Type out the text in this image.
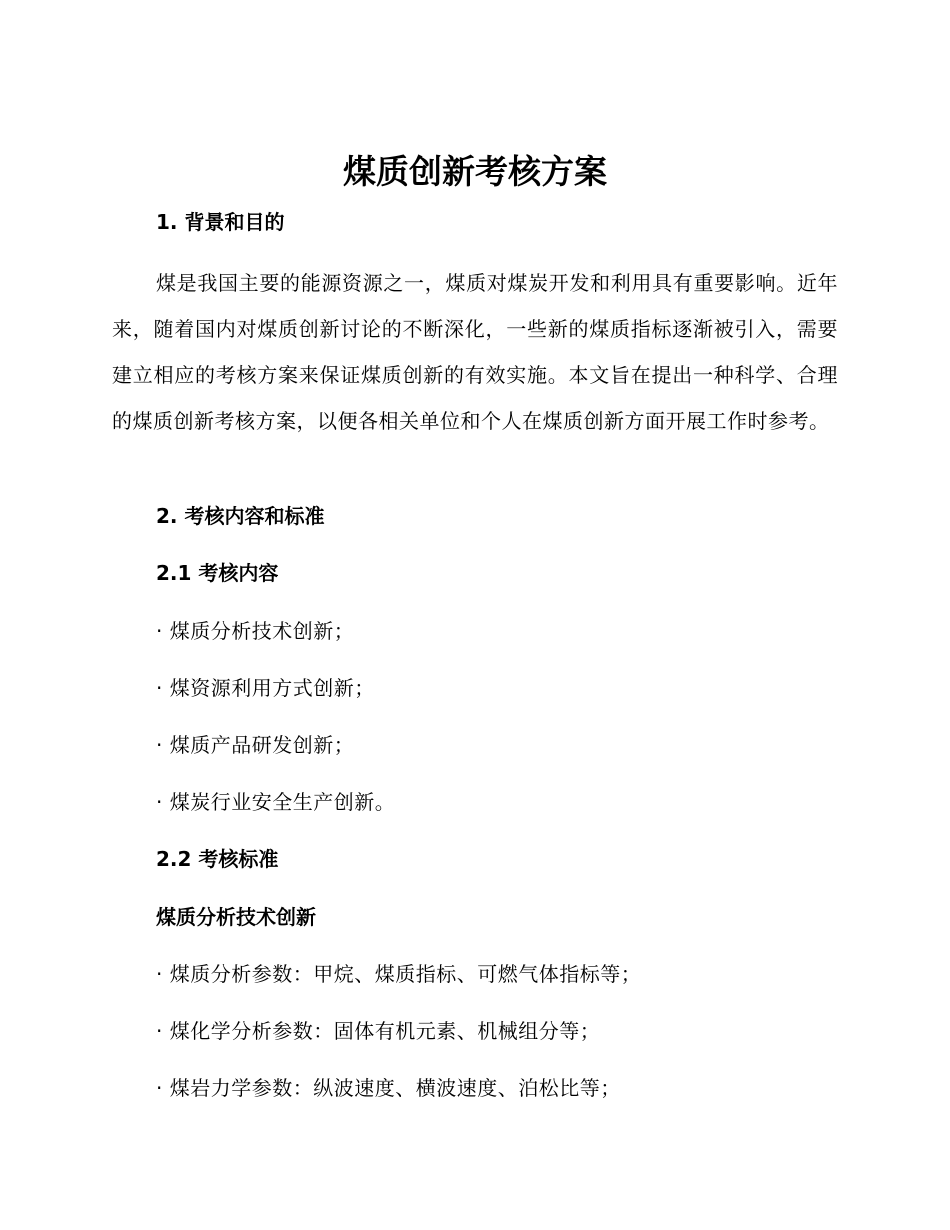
煤质创新考核方案
1. 背景和目的

煤是我国主要的能源资源之一，煤质对煤炭开发和利用具有重要影响。近年来，随着国内对煤质创新讨论的不断深化，一些新的煤质指标逐渐被引入，需要建立相应的考核方案来保证煤质创新的有效实施。本文旨在提出一种科学、合理的煤质创新考核方案，以便各相关单位和个人在煤质创新方面开展工作时参考。

2. 考核内容和标准
2.1 考核内容

· 煤质分析技术创新；

· 煤资源利用方式创新；

· 煤质产品研发创新；

· 煤炭行业安全生产创新。

2.2 考核标准
煤质分析技术创新

· 煤质分析参数：甲烷、煤质指标、可燃气体指标等；

· 煤化学分析参数：固体有机元素、机械组分等；

· 煤岩力学参数：纵波速度、横波速度、泊松比等；
